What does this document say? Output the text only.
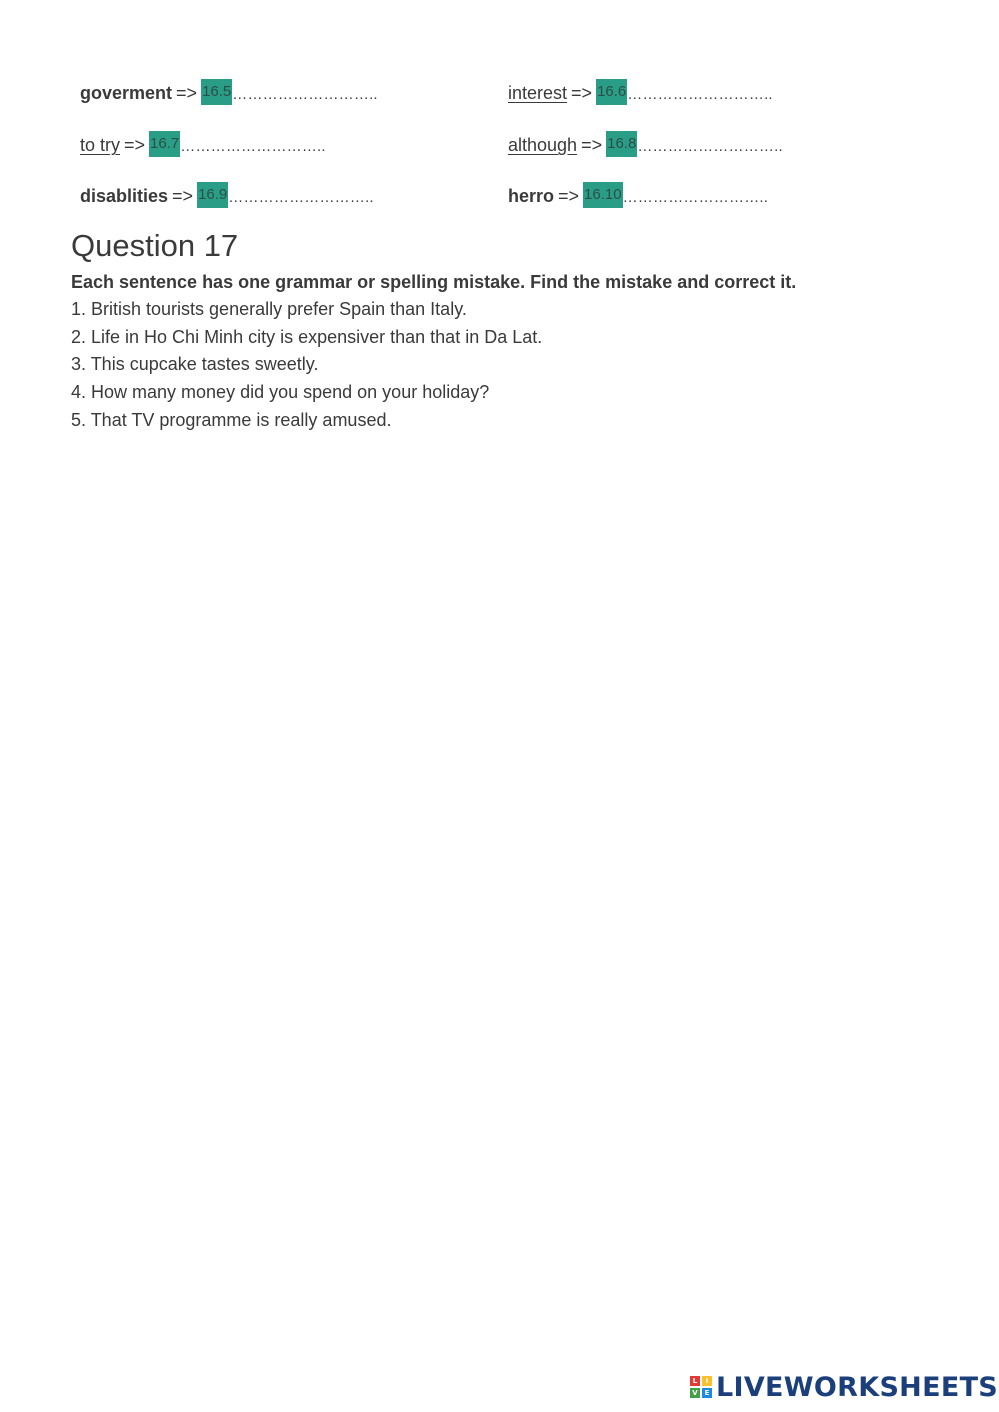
goverment => 16.5………………………..	interest => 16.6………………………..
to try => 16.7………………………..	although => 16.8………………………..
disablities => 16.9………………………..	herro => 16.10………………………..
Question 17
Each sentence has one grammar or spelling mistake. Find the mistake and correct it.
1. British tourists generally prefer Spain than Italy.
2. Life in Ho Chi Minh city is expensiver than that in Da Lat.
3. This cupcake tastes sweetly.
4. How many money did you spend on your holiday?
5. That TV programme is really amused.
L	I
V E LIVEWORKSHEETS
